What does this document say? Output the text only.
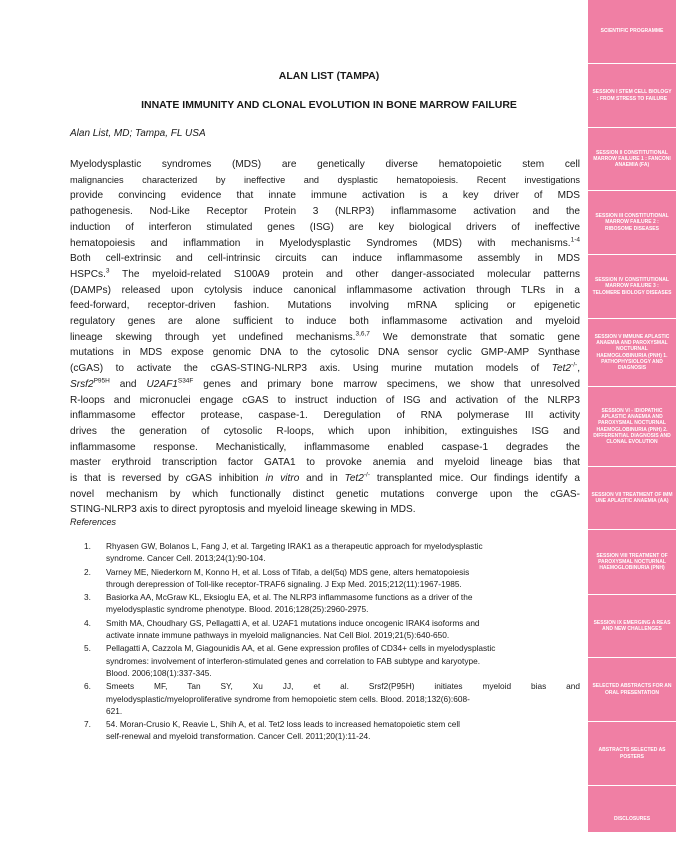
ALAN LIST (TAMPA)
INNATE IMMUNITY AND CLONAL EVOLUTION IN BONE MARROW FAILURE
Alan List, MD; Tampa, FL USA
Myelodysplastic syndromes (MDS) are genetically diverse hematopoietic stem cell
malignancies characterized by ineffective and dysplastic hematopoiesis. Recent investigations
provide convincing evidence that innate immune activation is a key driver of MDS
pathogenesis. Nod-Like Receptor Protein 3 (NLRP3) inflammasome activation and the
induction of interferon stimulated genes (ISG) are key biological drivers of ineffective
hematopoiesis and inflammation in Myelodysplastic Syndromes (MDS) with mechanisms.$^{1-4}$
Both cell-extrinsic and cell-intrinsic circuits can induce inflammasome assembly in MDS
HSPCs.$^3$ The myeloid-related S100A9 protein and other danger-associated molecular patterns
(DAMPs) released upon cytolysis induce canonical inflammasome activation through TLRs in a
feed-forward, receptor-driven fashion. Mutations involving mRNA splicing or epigenetic
regulatory genes are alone sufficient to induce both inflammasome activation and myeloid
lineage skewing through yet undefined mechanisms.$^{3,6,7}$ We demonstrate that somatic gene
mutations in MDS expose genomic DNA to the cytosolic DNA sensor cyclic GMP-AMP Synthase
(cGAS) to activate the cGAS-STING-NLRP3 axis. Using murine mutation models of Tet2-/-,
$Srsf2^{P95H}$ and $U2AF1^{S34F}$ genes and primary bone marrow specimens, we show that unresolved
R-loops and micronuclei engage cGAS to instruct induction of ISG and activation of the NLRP3
inflammasome effector protease, caspase-1. Deregulation of RNA polymerase III activity
drives the generation of cytosolic R-loops, which upon inhibition, extinguishes ISG and
inflammasome response. Mechanistically, inflammasome enabled caspase-1 degrades the
master erythroid transcription factor GATA1 to provoke anemia and myeloid lineage bias that
is that is reversed by cGAS inhibition in vitro and in Tet2-/- transplanted mice. Our findings identify a
novel mechanism by which functionally distinct genetic mutations converge upon the cGAS-
STING-NLRP3 axis to direct pyroptosis and myeloid lineage skewing in MDS.
References
1. Rhyasen GW, Bolanos L, Fang J, et al. Targeting IRAK1 as a therapeutic approach for myelodysplastic
syndrome. Cancer Cell. 2013;24(1):90-104.
2. Varney ME, Niederkorn M, Konno H, et al. Loss of Tifab, a del(5q) MDS gene, alters hematopoiesis
through derepression of Toll-like receptor-TRAF6 signaling. J Exp Med. 2015;212(11):1967-1985.
3. Basiorka AA, McGraw KL, Eksioglu EA, et al. The NLRP3 inflammasome functions as a driver of the
myelodysplastic syndrome phenotype. Blood. 2016;128(25):2960-2975.
4. Smith MA, Choudhary GS, Pellagatti A, et al. U2AF1 mutations induce oncogenic IRAK4 isoforms and
activate innate immune pathways in myeloid malignancies. Nat Cell Biol. 2019;21(5):640-650.
5. Pellagatti A, Cazzola M, Giagounidis AA, et al. Gene expression profiles of CD34+ cells in myelodysplastic
syndromes: involvement of interferon-stimulated genes and correlation to FAB subtype and karyotype.
Blood. 2006;108(1):337-345.
6. Smeets MF, Tan SY, Xu JJ, et al. Srsf2(P95H) initiates myeloid bias and
myelodysplastic/myeloproliferative syndrome from hemopoietic stem cells. Blood. 2018;132(6):608-
621.
7. 54. Moran-Crusio K, Reavie L, Shih A, et al. Tet2 loss leads to increased hematopoietic stem cell
self-renewal and myeloid transformation. Cancer Cell. 2011;20(1):11-24.
SCIENTIFIC PROGRAMME
SESSION I STEM CELL BIOLOGY : FROM STRESS TO FAILURE
SESSION II CONSTITUTIONAL MARROW FAILURE 1 : FANCONI ANAEMIA (FA)
SESSION III CONSTITUTIONAL MARROW FAILURE 2 : RIBOSOME DISEASES
SESSION IV CONSTITUTIONAL MARROW FAILURE 3 : TELOMERE BIOLOGY DISEASES
SESSION V IMMUNE APLASTIC ANAEMIA AND PAROXYSMAL NOCTURNAL HAEMOGLOBINURIA (PNH) 1. PATHOPHYSIOLOGY AND DIAGNOSIS
SESSION VI - IDIOPATHIC APLASTIC ANAEMIA AND PAROXYSMAL NOCTURNAL HAEMOGLOBINURIA (PNH) 2. DIFFERENTIAL DIAGNOSIS AND CLONAL EVOLUTION
SESSION VII TREATMENT OF IMM UNE APLASTIC ANAEMIA (AA)
SESSION VIII TREATMENT OF PAROXYSMAL NOCTURNAL HAEMOGLOBINURIA (PNH)
SESSION IX EMERGING A REAS AND NEW CHALLENGES
SELECTED ABSTRACTS FOR AN ORAL PRESENTATION
ABSTRACTS SELECTED AS POSTERS
DISCLOSURES
